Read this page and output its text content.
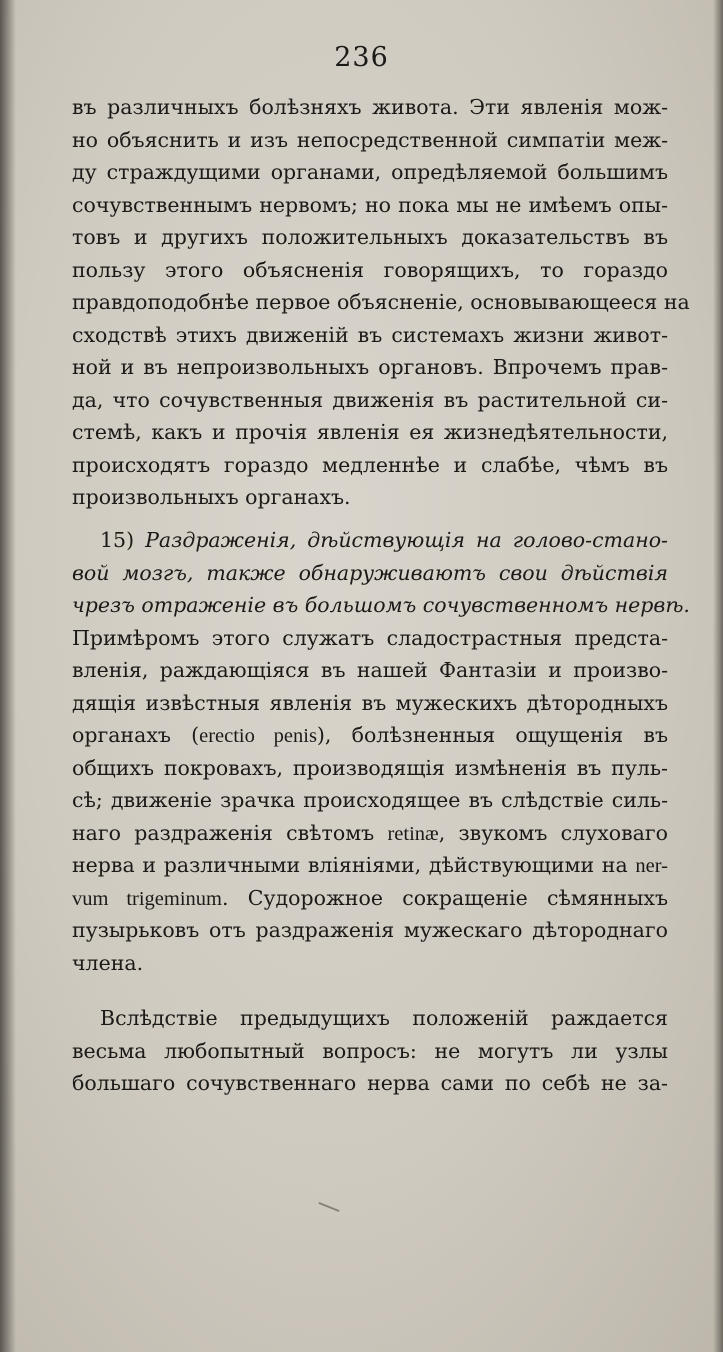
236
въ различныхъ болѣзняхъ живота. Эти явленія мож-
но объяснить и изъ непосредственной симпатіи меж-
ду страждущими органами, опредѣляемой большимъ
сочувственнымъ нервомъ; но пока мы не имѣемъ опы-
товъ и другихъ положительныхъ доказательствъ въ
пользу этого объясненія говорящихъ, то гораздо
правдоподобнѣе первое объясненіе, основывающееся на
сходствѣ этихъ движеній въ системахъ жизни живот-
ной и въ непроизвольныхъ органовъ. Впрочемъ прав-
да, что сочувственныя движенія въ растительной си-
стемѣ, какъ и прочія явленія ея жизнедѣятельности,
происходятъ гораздо медленнѣе и слабѣе, чѣмъ въ
произвольныхъ органахъ.
15) Раздраженія, дѣйствующія на голово-стано-
вой мозгъ, также обнаруживаютъ свои дѣйствія
чрезъ отраженіе въ большомъ сочувственномъ нервѣ.
Примѣромъ этого служатъ сладострастныя предста-
вленія, раждающіяся въ нашей Фантазіи и произво-
дящія извѣстныя явленія въ мужескихъ дѣтородныхъ
органахъ (erectio penis), болѣзненныя ощущенія въ
общихъ покровахъ, производящія измѣненія въ пуль-
сѣ; движеніе зрачка происходящее въ слѣдствіе силь-
наго раздраженія свѣтомъ retinæ, звукомъ слуховаго
нерва и различными вліяніями, дѣйствующими на ner-
vum trigeminum. Судорожное сокращеніе сѣмянныхъ
пузырьковъ отъ раздраженія мужескаго дѣтороднаго
члена.
Вслѣдствіе предыдущихъ положеній раждается
весьма любопытный вопросъ: не могутъ ли узлы
большаго сочувственнаго нерва сами по себѣ не за-
